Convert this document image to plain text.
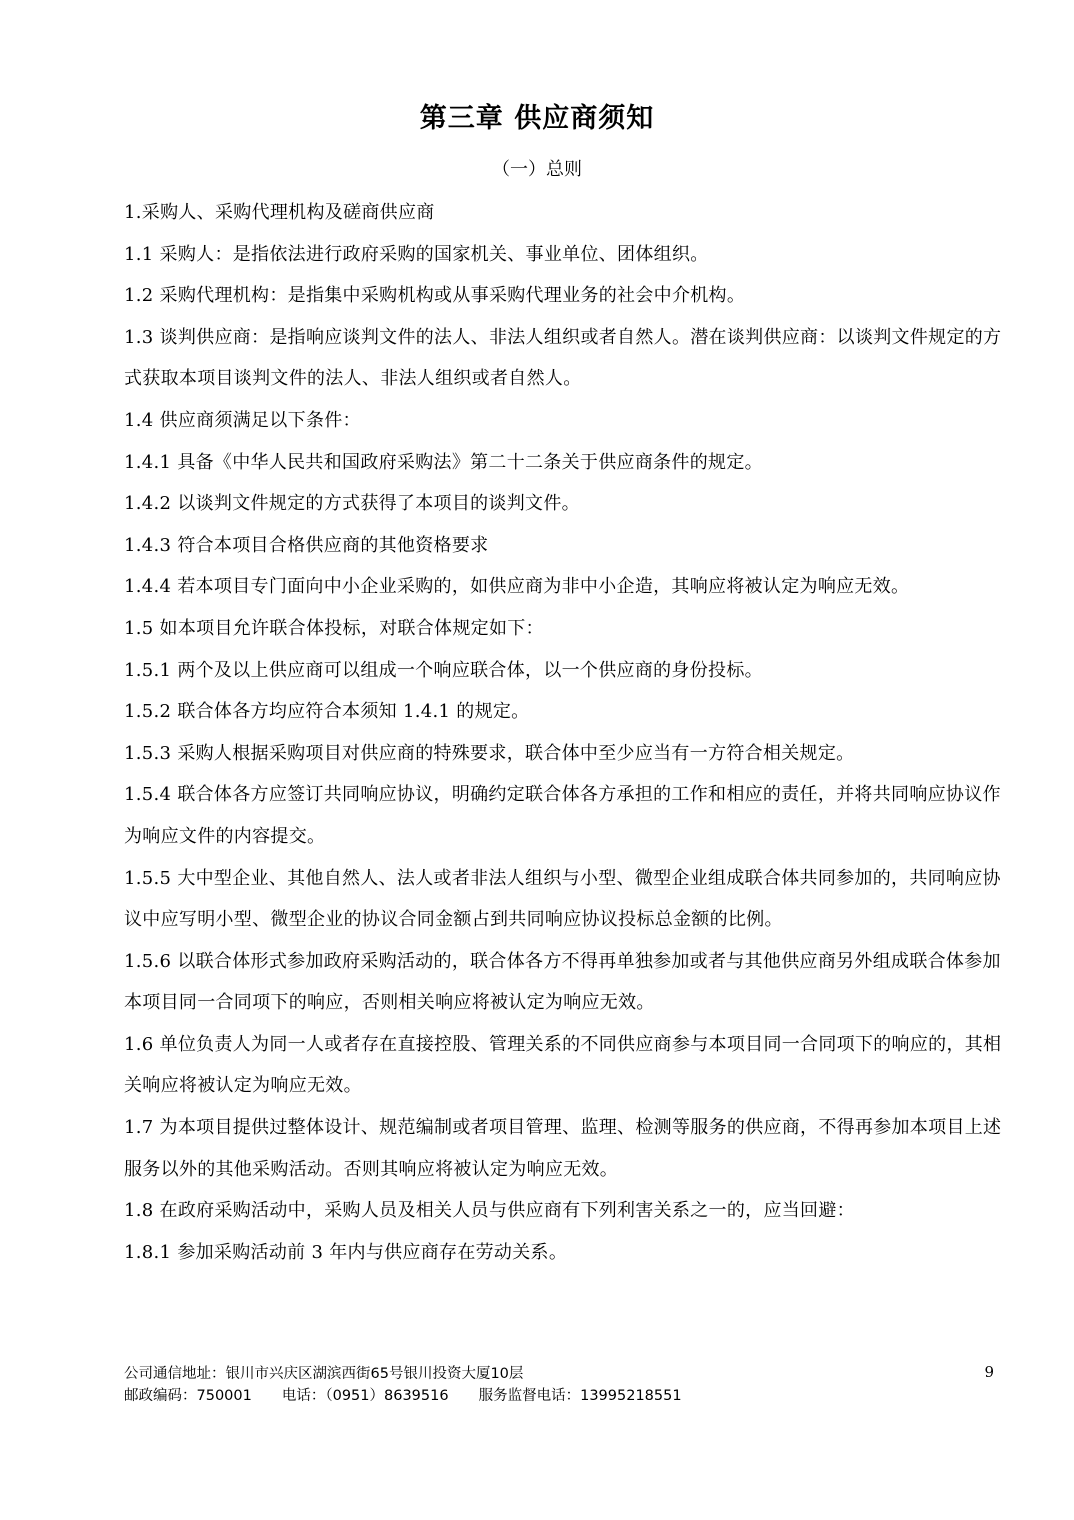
第三章 供应商须知
（一）总则

1.采购人、采购代理机构及磋商供应商

1.1 采购人：是指依法进行政府采购的国家机关、事业单位、团体组织。

1.2 采购代理机构：是指集中采购机构或从事采购代理业务的社会中介机构。

1.3 谈判供应商：是指响应谈判文件的法人、非法人组织或者自然人。潜在谈判供应商：以谈判文件规定的方式获取本项目谈判文件的法人、非法人组织或者自然人。

1.4 供应商须满足以下条件：

1.4.1 具备《中华人民共和国政府采购法》第二十二条关于供应商条件的规定。

1.4.2 以谈判文件规定的方式获得了本项目的谈判文件。

1.4.3 符合本项目合格供应商的其他资格要求

1.4.4 若本项目专门面向中小企业采购的，如供应商为非中小企造，其响应将被认定为响应无效。

1.5 如本项目允许联合体投标，对联合体规定如下：

1.5.1 两个及以上供应商可以组成一个响应联合体，以一个供应商的身份投标。

1.5.2 联合体各方均应符合本须知 1.4.1 的规定。

1.5.3 采购人根据采购项目对供应商的特殊要求，联合体中至少应当有一方符合相关规定。

1.5.4 联合体各方应签订共同响应协议，明确约定联合体各方承担的工作和相应的责任，并将共同响应协议作为响应文件的内容提交。

1.5.5 大中型企业、其他自然人、法人或者非法人组织与小型、微型企业组成联合体共同参加的，共同响应协议中应写明小型、微型企业的协议合同金额占到共同响应协议投标总金额的比例。

1.5.6 以联合体形式参加政府采购活动的，联合体各方不得再单独参加或者与其他供应商另外组成联合体参加本项目同一合同项下的响应，否则相关响应将被认定为响应无效。

1.6 单位负责人为同一人或者存在直接控股、管理关系的不同供应商参与本项目同一合同项下的响应的，其相关响应将被认定为响应无效。

1.7 为本项目提供过整体设计、规范编制或者项目管理、监理、检测等服务的供应商，不得再参加本项目上述服务以外的其他采购活动。否则其响应将被认定为响应无效。

1.8 在政府采购活动中，采购人员及相关人员与供应商有下列利害关系之一的，应当回避：

1.8.1 参加采购活动前 3 年内与供应商存在劳动关系。

公司通信地址：银川市兴庆区湖滨西街65号银川投资大厦10层
邮政编码：750001 电话：（0951）8639516 服务监督电话：13995218551
9
